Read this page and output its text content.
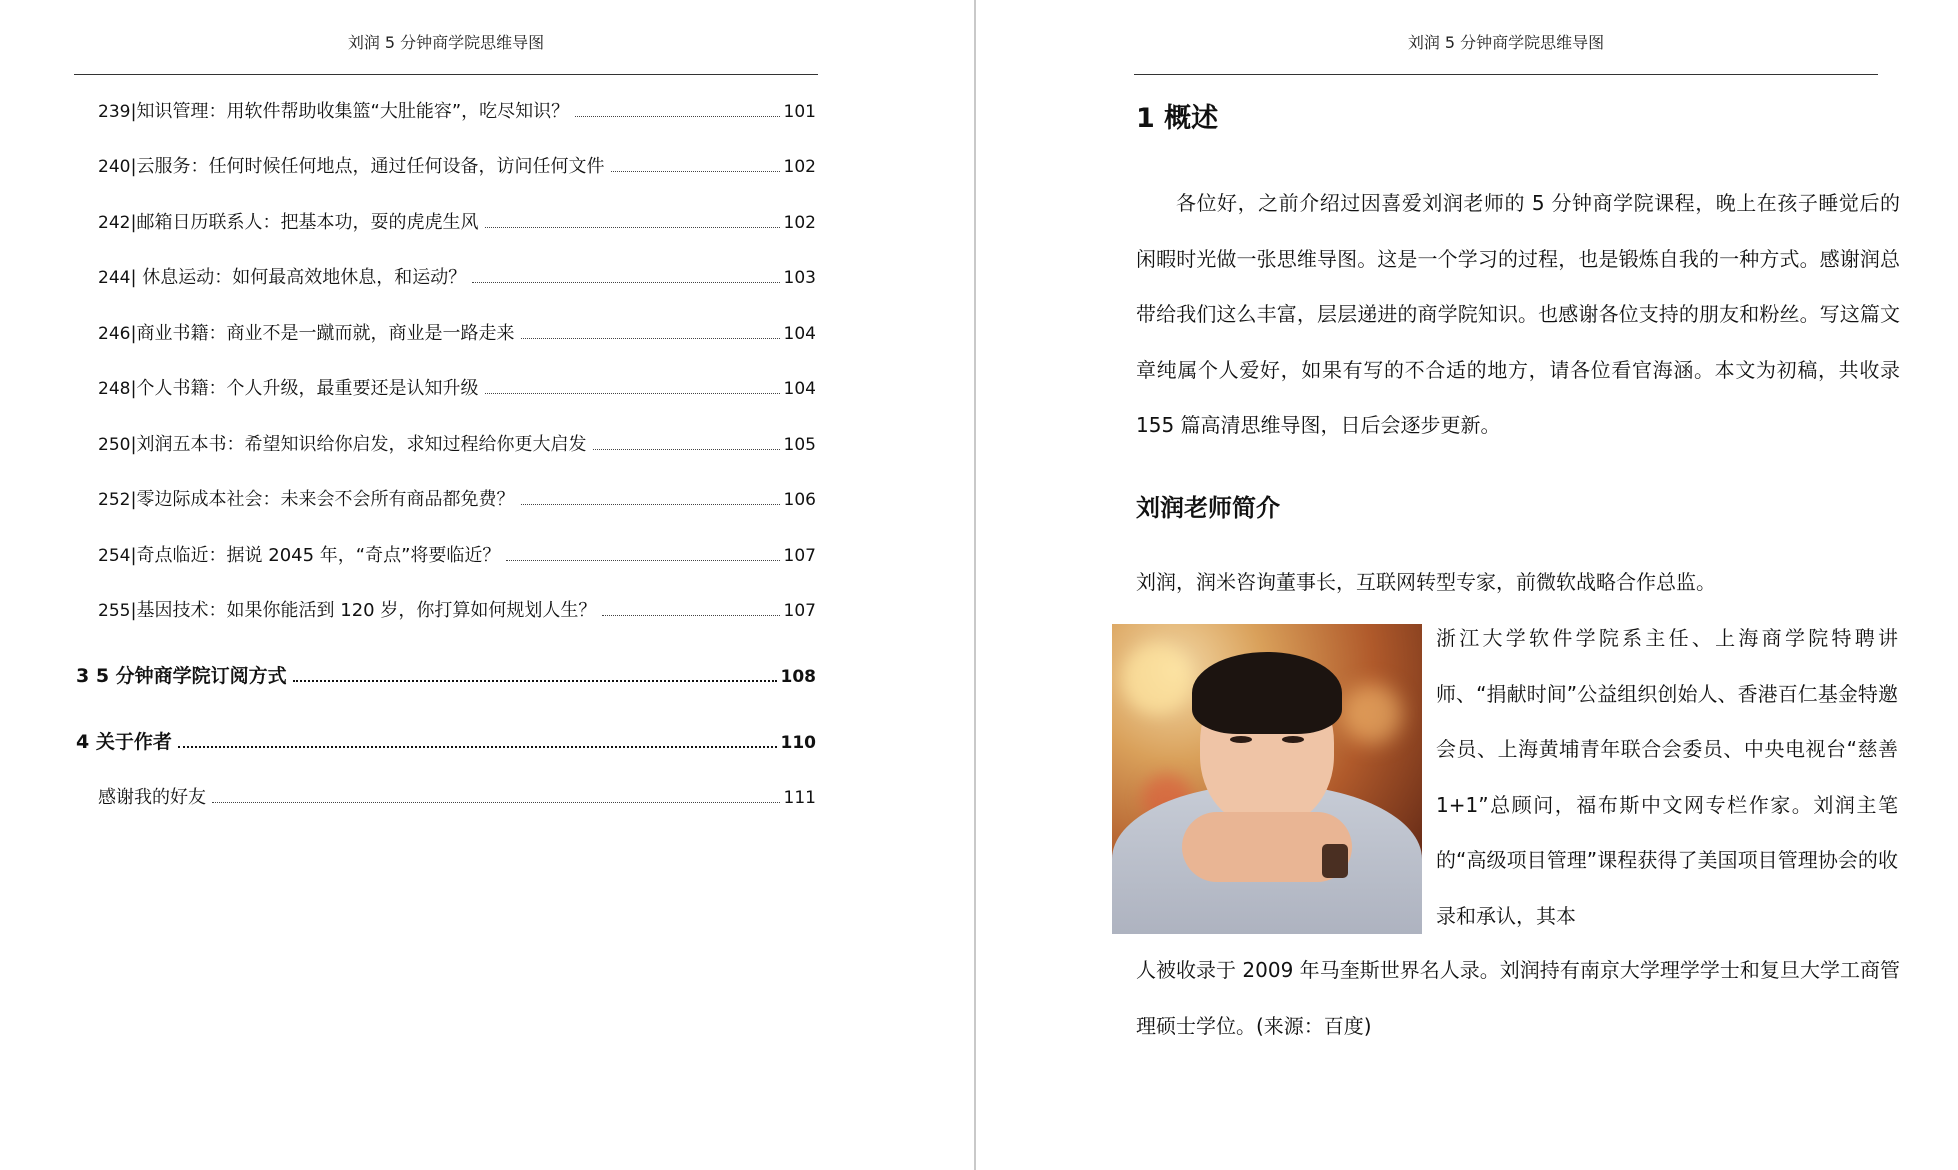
刘润 5 分钟商学院思维导图
239 |知识管理：用软件帮助收集篮“大肚能容”，吃尽知识？	101
240 |云服务：任何时候任何地点，通过任何设备，访问任何文件	102
242 |邮箱日历联系人：把基本功，耍的虎虎生风	102
244 | 休息运动：如何最高效地休息，和运动？	103
246 |商业书籍：商业不是一蹴而就，商业是一路走来	104
248 |个人书籍：个人升级，最重要还是认知升级	104
250 |刘润五本书：希望知识给你启发，求知过程给你更大启发	105
252 |零边际成本社会：未来会不会所有商品都免费？	106
254 |奇点临近：据说 2045 年，“奇点”将要临近？	107
255 |基因技术：如果你能活到 120 岁，你打算如何规划人生？	107
3 5 分钟商学院订阅方式	108
4 关于作者	110
感谢我的好友	111
刘润 5 分钟商学院思维导图
1 概述
各位好，之前介绍过因喜爱刘润老师的 5 分钟商学院课程，晚上在孩子睡觉后的闲暇时光做一张思维导图。这是一个学习的过程，也是锻炼自我的一种方式。感谢润总带给我们这么丰富，层层递进的商学院知识。也感谢各位支持的朋友和粉丝。写这篇文章纯属个人爱好，如果有写的不合适的地方，请各位看官海涵。本文为初稿，共收录 155 篇高清思维导图，日后会逐步更新。
刘润老师简介
刘润，润米咨询董事长，互联网转型专家，前微软战略合作总监。
浙江大学软件学院系主任、上海商学院特聘讲师、“捐献时间”公益组织创始人、香港百仁基金特邀会员、上海黄埔青年联合会委员、中央电视台“慈善 1+1”总顾问，福布斯中文网专栏作家。刘润主笔的“高级项目管理”课程获得了美国项目管理协会的收录和承认，其本
人被收录于 2009 年马奎斯世界名人录。刘润持有南京大学理学学士和复旦大学工商管理硕士学位。(来源：百度)
